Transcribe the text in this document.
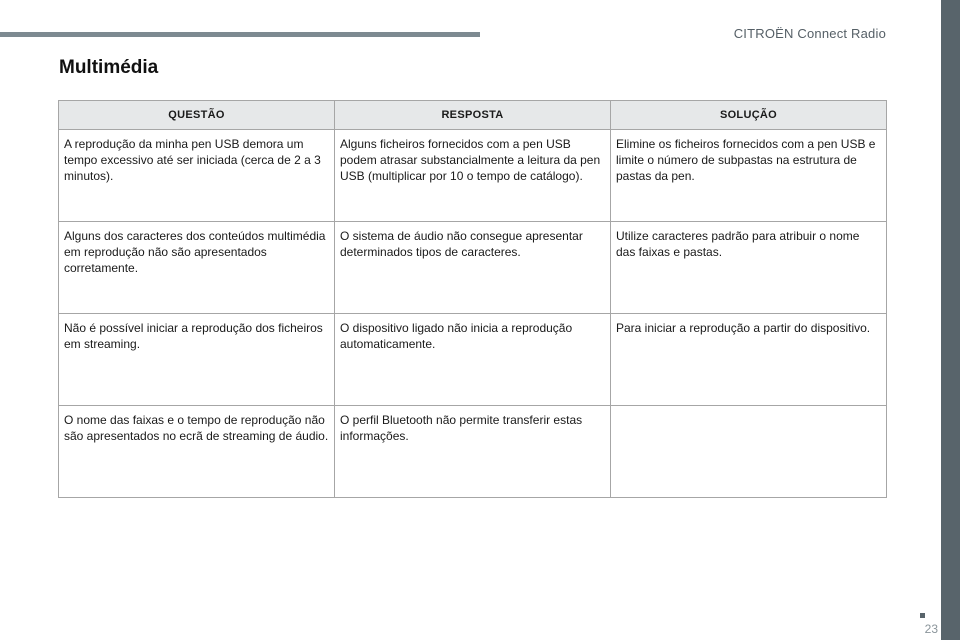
CITROËN Connect Radio
Multimédia
QUESTÃO	RESPOSTA	SOLUÇÃO
A reprodução da minha pen USB demora um tempo excessivo até ser iniciada (cerca de 2 a 3 minutos).	Alguns ficheiros fornecidos com a pen USB podem atrasar substancialmente a leitura da pen USB (multiplicar por 10 o tempo de catálogo).	Elimine os ficheiros fornecidos com a pen USB e limite o número de subpastas na estrutura de pastas da pen.
Alguns dos caracteres dos conteúdos multimédia em reprodução não são apresentados corretamente.	O sistema de áudio não consegue apresentar determinados tipos de caracteres.	Utilize caracteres padrão para atribuir o nome das faixas e pastas.
Não é possível iniciar a reprodução dos ficheiros em streaming.	O dispositivo ligado não inicia a reprodução automaticamente.	Para iniciar a reprodução a partir do dispositivo.
O nome das faixas e o tempo de reprodução não são apresentados no ecrã de streaming de áudio.	O perfil Bluetooth não permite transferir estas informações.	
23
